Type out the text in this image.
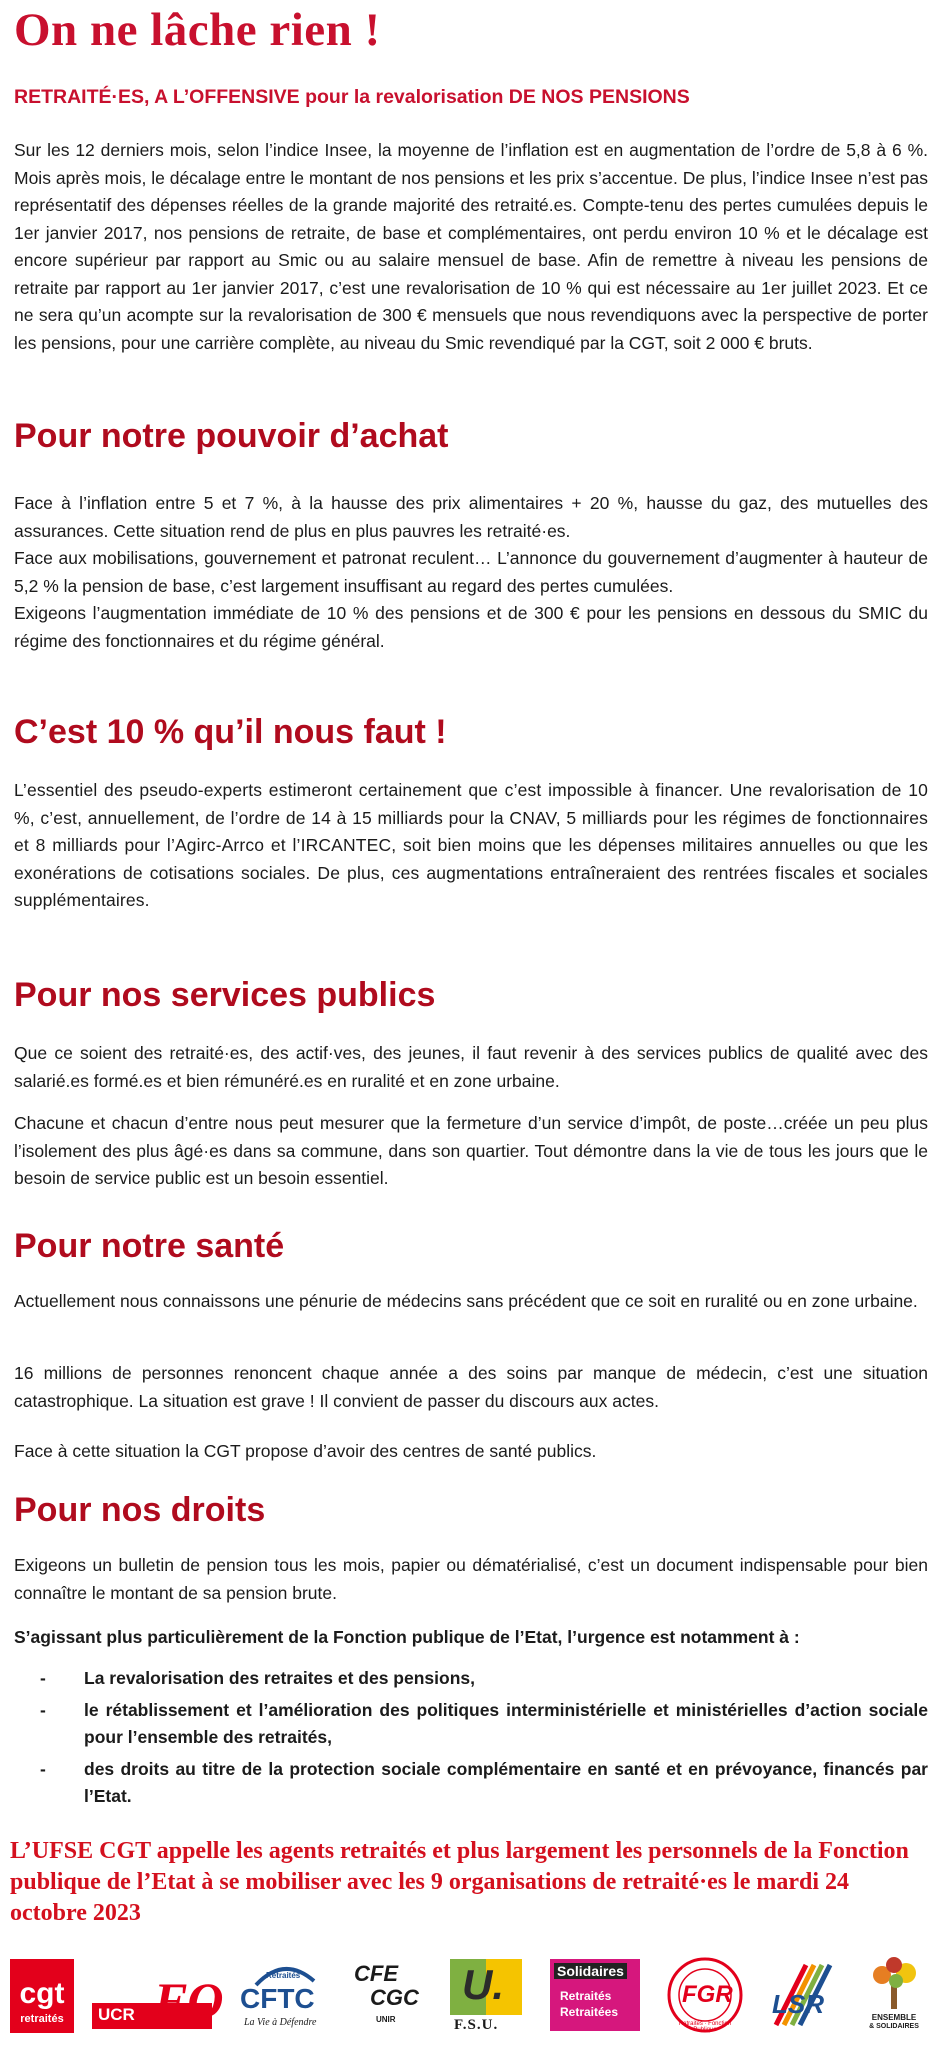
On ne lâche rien !
RETRAITÉ·ES, A L’OFFENSIVE pour la revalorisation DE NOS PENSIONS

Sur les 12 derniers mois, selon l’indice Insee, la moyenne de l’inflation est en augmentation de l’ordre de 5,8 à 6 %. Mois après mois, le décalage entre le montant de nos pensions et les prix s’accentue. De plus, l’indice Insee n’est pas représentatif des dépenses réelles de la grande majorité des retraité.es. Compte-tenu des pertes cumulées depuis le 1er janvier 2017, nos pensions de retraite, de base et complémentaires, ont perdu environ 10 % et le décalage est encore supérieur par rapport au Smic ou au salaire mensuel de base. Afin de remettre à niveau les pensions de retraite par rapport au 1er janvier 2017, c’est une revalorisation de 10 % qui est nécessaire au 1er juillet 2023. Et ce ne sera qu’un acompte sur la revalorisation de 300 € mensuels que nous revendiquons avec la perspective de porter les pensions, pour une carrière complète, au niveau du Smic revendiqué par la CGT, soit 2 000 € bruts.

Pour notre pouvoir d’achat
Face à l’inflation entre 5 et 7 %, à la hausse des prix alimentaires + 20 %, hausse du gaz, des mutuelles des assurances. Cette situation rend de plus en plus pauvres les retraité·es.
Face aux mobilisations, gouvernement et patronat reculent… L’annonce du gouvernement d’augmenter à hauteur de 5,2 % la pension de base, c’est largement insuffisant au regard des pertes cumulées.
Exigeons l’augmentation immédiate de 10 % des pensions et de 300 € pour les pensions en dessous du SMIC du régime des fonctionnaires et du régime général.
C’est 10 % qu’il nous faut !

L’essentiel des pseudo-experts estimeront certainement que c’est impossible à financer. Une revalorisation de 10 %, c’est, annuellement, de l’ordre de 14 à 15 milliards pour la CNAV, 5 milliards pour les régimes de fonctionnaires et 8 milliards pour l’Agirc-Arrco et l’IRCANTEC, soit bien moins que les dépenses militaires annuelles ou que les exonérations de cotisations sociales. De plus, ces augmentations entraîneraient des rentrées fiscales et sociales supplémentaires.

Pour nos services publics

Que ce soient des retraité·es, des actif·ves, des jeunes, il faut revenir à des services publics de qualité avec des salarié.es formé.es et bien rémunéré.es en ruralité et en zone urbaine.

Chacune et chacun d’entre nous peut mesurer que la fermeture d’un service d’impôt, de poste…créée un peu plus l’isolement des plus âgé·es dans sa commune, dans son quartier. Tout démontre dans la vie de tous les jours que le besoin de service public est un besoin essentiel.

Pour notre santé

Actuellement nous connaissons une pénurie de médecins sans précédent que ce soit en ruralité ou en zone urbaine.

16 millions de personnes renoncent chaque année a des soins par manque de médecin, c’est une situation catastrophique. La situation est grave ! Il convient de passer du discours aux actes.

Face à cette situation la CGT propose d’avoir des centres de santé publics.

Pour nos droits

Exigeons un bulletin de pension tous les mois, papier ou dématérialisé, c’est un document indispensable pour bien connaître le montant de sa pension brute.

S’agissant plus particulièrement de la Fonction publique de l’Etat, l’urgence est notamment à :

- La revalorisation des retraites et des pensions,
- le rétablissement et l’amélioration des politiques interministérielle et ministérielles d’action sociale pour l’ensemble des retraités,
- des droits au titre de la protection sociale complémentaire en santé et en prévoyance, financés par l’Etat.

L’UFSE CGT appelle les agents retraités et plus largement les personnels de la Fonction publique de l’Etat à se mobiliser avec les 9 organisations de retraité·es le mardi 24 octobre 2023

cgt
retraités	UCR FO	Retraités
CFTC
La Vie à Défendre
CFE
CGC
UNIR
U.
F.S.U.
Solidaires
Retraités
Retraitées
FGR
Retraités · Fonction Publique
LSR	ENSEMBLE
& SOLIDAIRES
